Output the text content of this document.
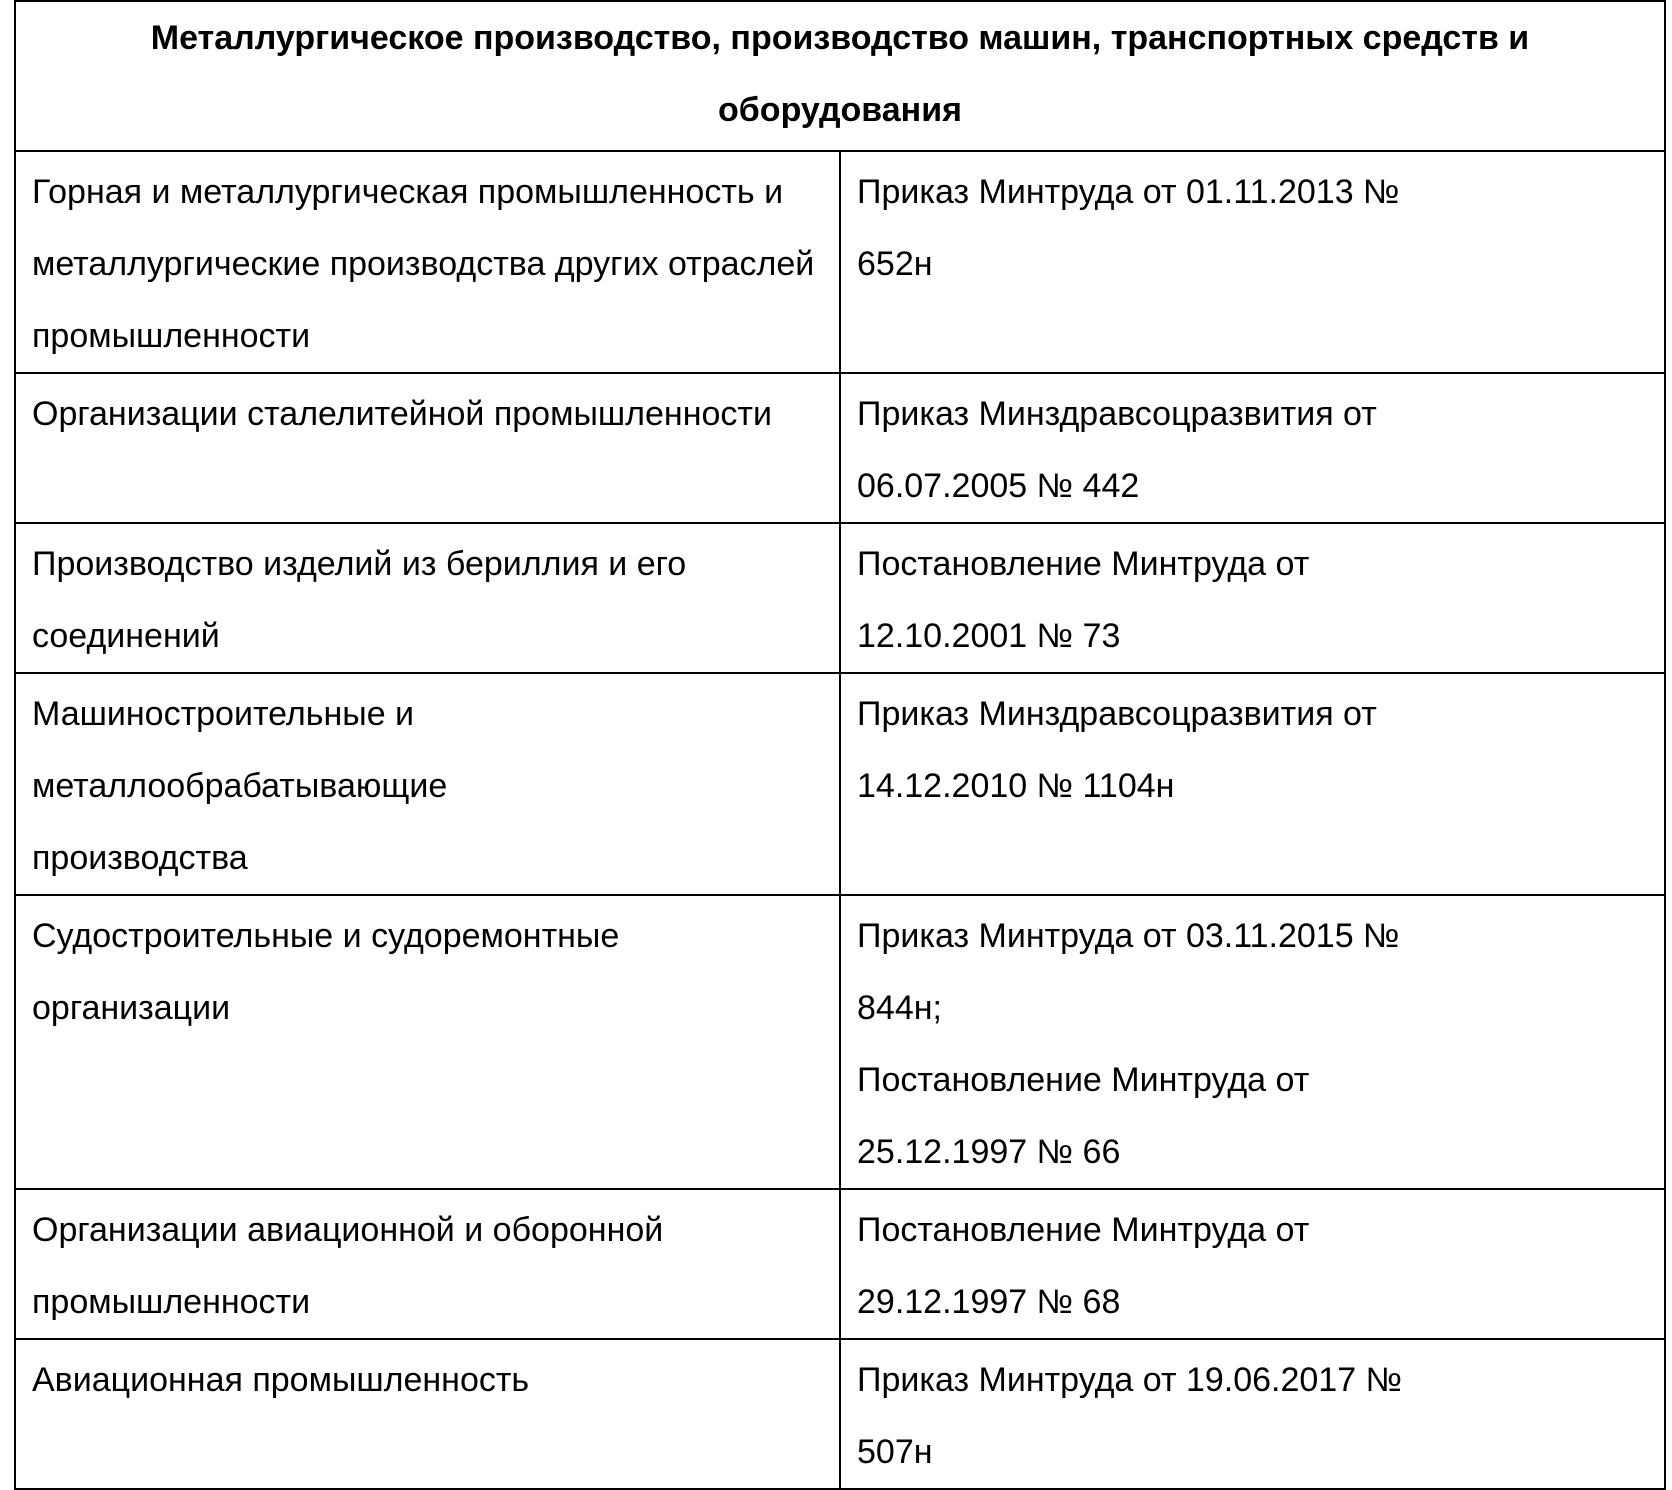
Металлургическое производство, производство машин, транспортных средств и
оборудования	

Горная и металлургическая промышленность и
металлургические производства других отраслей
промышленности	Приказ Минтруда от 01.11.2013 №
652н

Организации сталелитейной промышленности	Приказ Минздравсоцразвития от
06.07.2005 № 442

Производство изделий из бериллия и его соединений	Постановление Минтруда от
12.10.2001 № 73

Машиностроительные и металлообрабатывающие
производства	Приказ Минздравсоцразвития от
14.12.2010 № 1104н

Судостроительные и судоремонтные организации	Приказ Минтруда от 03.11.2015 №
844н;
Постановление Минтруда от
25.12.1997 № 66

Организации авиационной и оборонной
промышленности	Постановление Минтруда от
29.12.1997 № 68

Авиационная промышленность	Приказ Минтруда от 19.06.2017 №
507н
